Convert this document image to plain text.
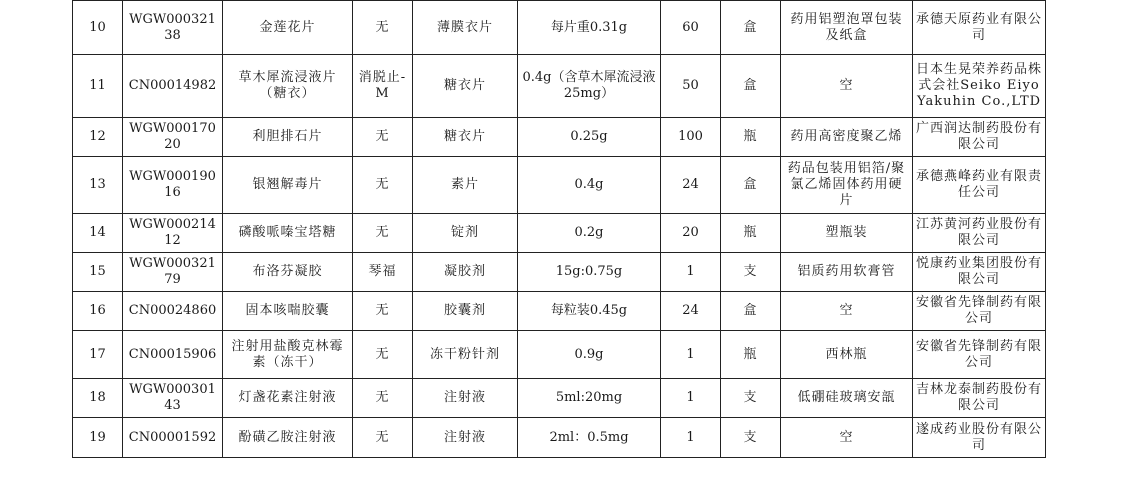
10	WGW00032138	金莲花片	无	薄膜衣片	每片重0.31g	60	盒	药用铝塑泡罩包装及纸盒	承德天原药业有限公司
11	CN00014982	草木犀流浸液片（糖衣）	消脱止-M	糖衣片	0.4g（含草木犀流浸液25mg）	50	盒	空	日本生晃荣养药品株式会社Seiko Eiyo Yakuhin Co.,LTD
12	WGW00017020	利胆排石片	无	糖衣片	0.25g	100	瓶	药用高密度聚乙烯	广西润达制药股份有限公司
13	WGW00019016	银翘解毒片	无	素片	0.4g	24	盒	药品包装用铝箔/聚氯乙烯固体药用硬片	承德燕峰药业有限责任公司
14	WGW00021412	磷酸哌嗪宝塔糖	无	锭剂	0.2g	20	瓶	塑瓶装	江苏黄河药业股份有限公司
15	WGW00032179	布洛芬凝胶	琴福	凝胶剂	15g:0.75g	1	支	铝质药用软膏管	悦康药业集团股份有限公司
16	CN00024860	固本咳喘胶囊	无	胶囊剂	每粒装0.45g	24	盒	空	安徽省先锋制药有限公司
17	CN00015906	注射用盐酸克林霉素（冻干）	无	冻干粉针剂	0.9g	1	瓶	西林瓶	安徽省先锋制药有限公司
18	WGW00030143	灯盏花素注射液	无	注射液	5ml:20mg	1	支	低硼硅玻璃安瓿	吉林龙泰制药股份有限公司
19	CN00001592	酚磺乙胺注射液	无	注射液	2ml：0.5mg	1	支	空	遂成药业股份有限公司
